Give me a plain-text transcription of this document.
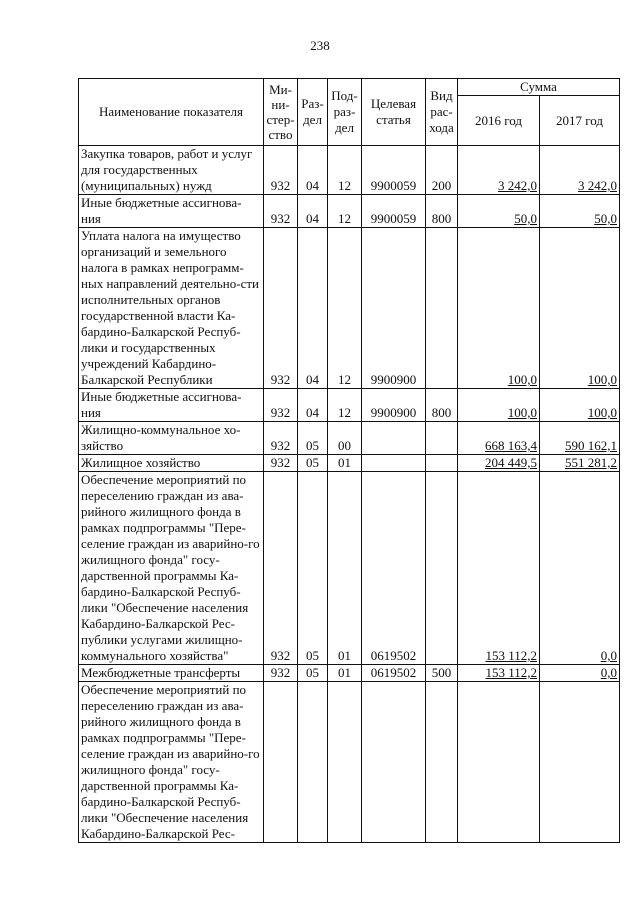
238
Наименование показателя	Ми-ни-стер-ство	Раз-дел	Под-раз-дел	Целевая статья	Вид рас-хода	Сумма	
						2016 год	2017 год
Закупка товаров, работ и услуг для государственных (муниципальных) нужд	932	04	12	9900059	200	3 242,0	3 242,0
Иные бюджетные ассигнова-ния	932	04	12	9900059	800	50,0	50,0
Уплата налога на имущество организаций и земельного налога в рамках непрограмм-ных направлений деятельно-сти исполнительных органов государственной власти Ка-бардино-Балкарской Респуб-лики и государственных учреждений Кабардино-Балкарской Республики	932	04	12	9900900		100,0	100,0
Иные бюджетные ассигнова-ния	932	04	12	9900900	800	100,0	100,0
Жилищно-коммунальное хо-зяйство	932	05	00			668 163,4	590 162,1
Жилищное хозяйство	932	05	01			204 449,5	551 281,2
Обеспечение мероприятий по переселению граждан из ава-рийного жилищного фонда в рамках подпрограммы "Пере-селение граждан из аварийно-го жилищного фонда" госу-дарственной программы Ка-бардино-Балкарской Респуб-лики "Обеспечение населения Кабардино-Балкарской Рес-публики услугами жилищно-коммунального хозяйства"	932	05	01	0619502		153 112,2	0,0
Межбюджетные трансферты	932	05	01	0619502	500	153 112,2	0,0
Обеспечение мероприятий по переселению граждан из ава-рийного жилищного фонда в рамках подпрограммы "Пере-селение граждан из аварийно-го жилищного фонда" госу-дарственной программы Ка-бардино-Балкарской Респуб-лики "Обеспечение населения Кабардино-Балкарской Рес-							
